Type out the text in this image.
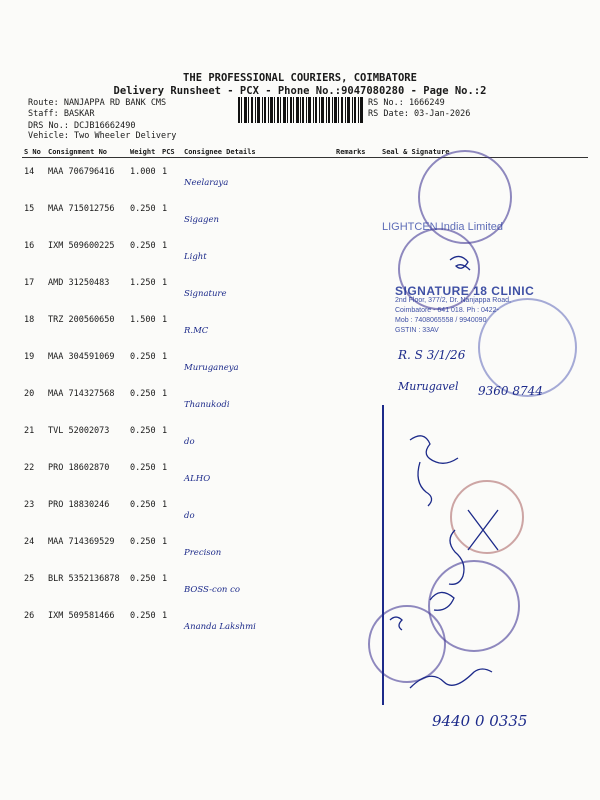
THE PROFESSIONAL COURIERS, COIMBATORE
Delivery Runsheet - PCX - Phone No.:9047080280 - Page No.:2
Route: NANJAPPA RD BANK CMS
Staff: BASKAR
DRS No.: DCJB16662490
Vehicle: Two Wheeler Delivery
RS No.: 1666249
RS Date: 03-Jan-2026
S No	Consignment No	Weight	PCS	Consignee Details	Remarks	Seal & Signature
14	MAA 706796416	1.000	1	Neelaraya		
15	MAA 715012756	0.250	1	Sigagen		
16	IXM 509600225	0.250	1	Light		
17	AMD 31250483	1.250	1	Signature		
18	TRZ 200560650	1.500	1	R.MC		
19	MAA 304591069	0.250	1	Muruganeya		
20	MAA 714327568	0.250	1	Thanukodi		
21	TVL 52002073	0.250	1	do		
22	PRO 18602870	0.250	1	ALHO		
23	PRO 18830246	0.250	1	do		
24	MAA 714369529	0.250	1	Precison		
25	BLR 5352136878	0.250	1	BOSS-con co		
26	IXM 509581466	0.250	1	Ananda Lakshmi		
LIGHTCEN India Limited
SIGNATURE 18 CLINIC
2nd Floor, 377/2, Dr. Nanjappa Road,
Coimbatore - 641 018. Ph : 0422-
Mob : 7408065558 / 9940090
GSTIN : 33AV
R. S 3/1/26
Murugavel 9360 8744
9440 0 0335
